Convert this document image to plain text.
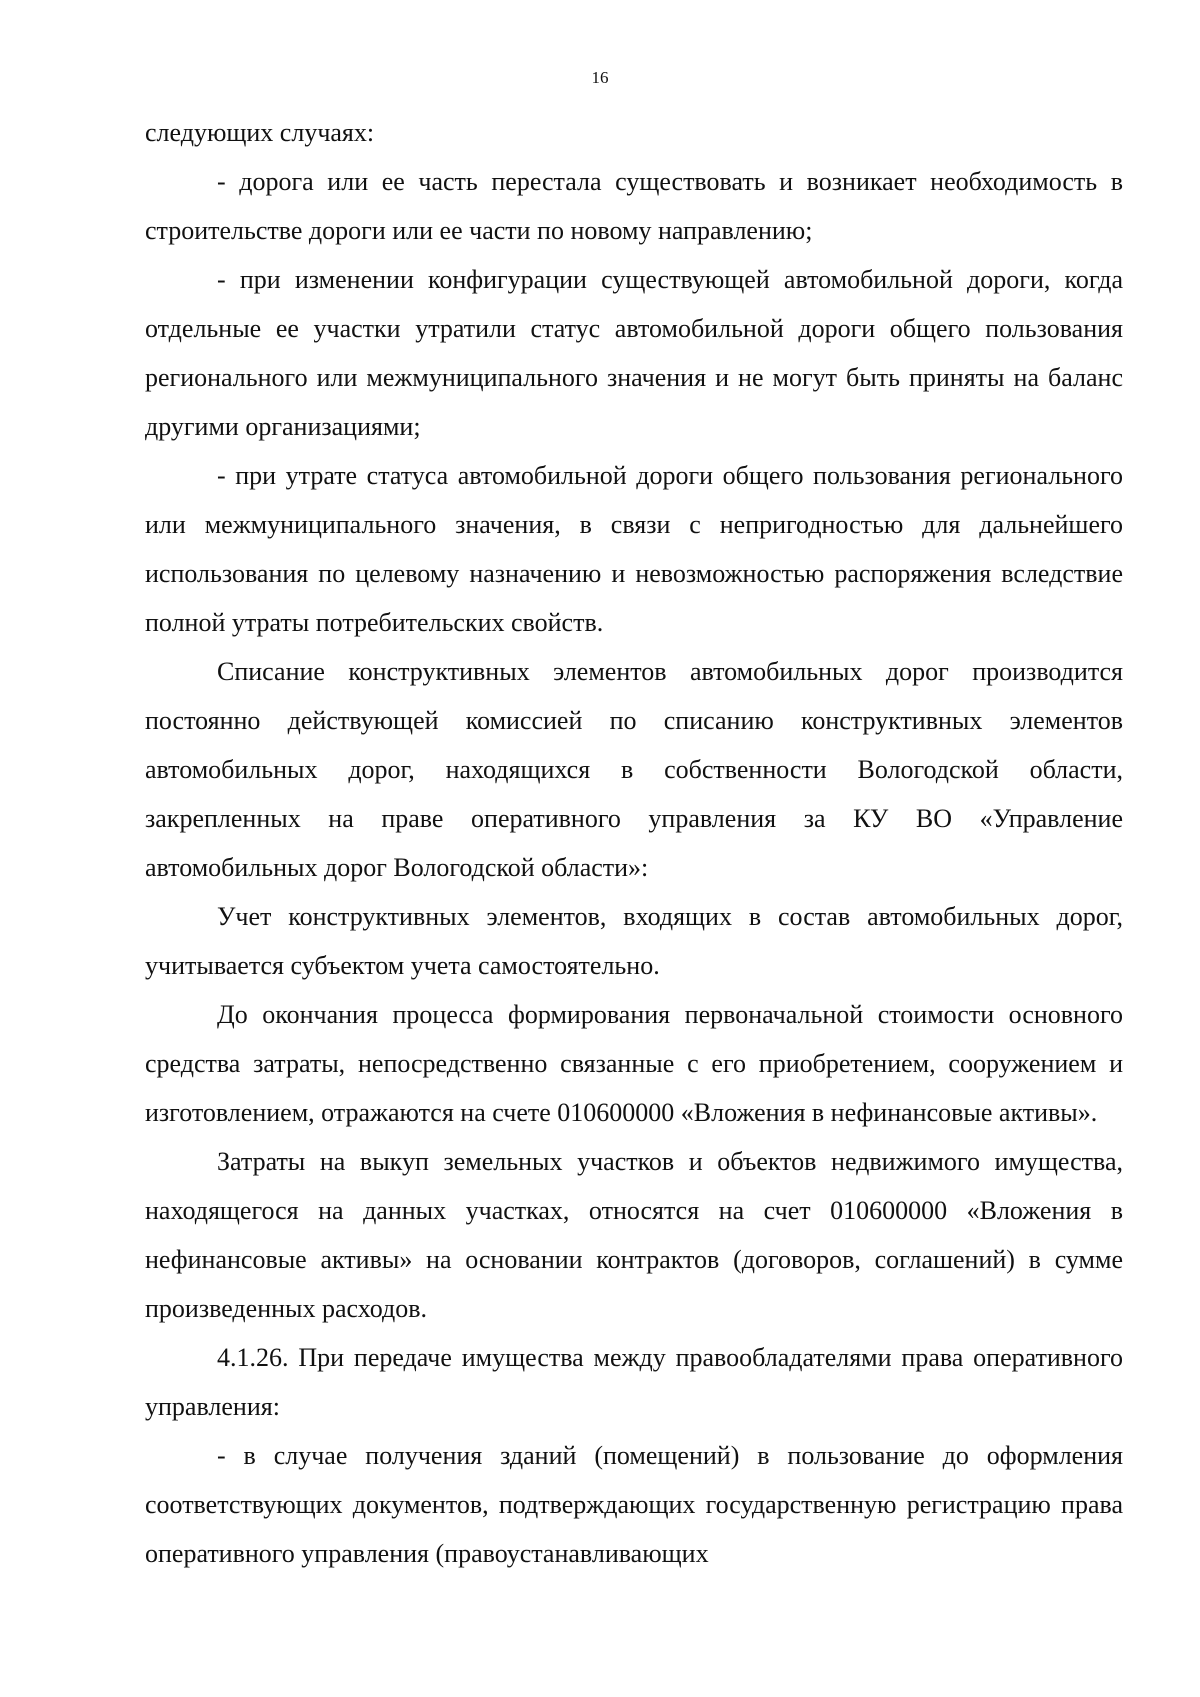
16

следующих случаях:

- дорога или ее часть перестала существовать и возникает необходимость в строительстве дороги или ее части по новому направлению;

- при изменении конфигурации существующей автомобильной дороги, когда отдельные ее участки утратили статус автомобильной дороги общего пользования регионального или межмуниципального значения и не могут быть приняты на баланс другими организациями;

- при утрате статуса автомобильной дороги общего пользования регионального или межмуниципального значения, в связи с непригодностью для дальнейшего использования по целевому назначению и невозможностью распоряжения вследствие полной утраты потребительских свойств.

Списание конструктивных элементов автомобильных дорог производится постоянно действующей комиссией по списанию конструктивных элементов автомобильных дорог, находящихся в собственности Вологодской области, закрепленных на праве оперативного управления за КУ ВО «Управление автомобильных дорог Вологодской области»:

Учет конструктивных элементов, входящих в состав автомобильных дорог, учитывается субъектом учета самостоятельно.

До окончания процесса формирования первоначальной стоимости основного средства затраты, непосредственно связанные с его приобретением, сооружением и изготовлением, отражаются на счете 010600000 «Вложения в нефинансовые активы».

Затраты на выкуп земельных участков и объектов недвижимого имущества, находящегося на данных участках, относятся на счет 010600000 «Вложения в нефинансовые активы» на основании контрактов (договоров, соглашений) в сумме произведенных расходов.

4.1.26. При передаче имущества между правообладателями права оперативного управления:

- в случае получения зданий (помещений) в пользование до оформления соответствующих документов, подтверждающих государственную регистрацию права оперативного управления (правоустанавливающих
